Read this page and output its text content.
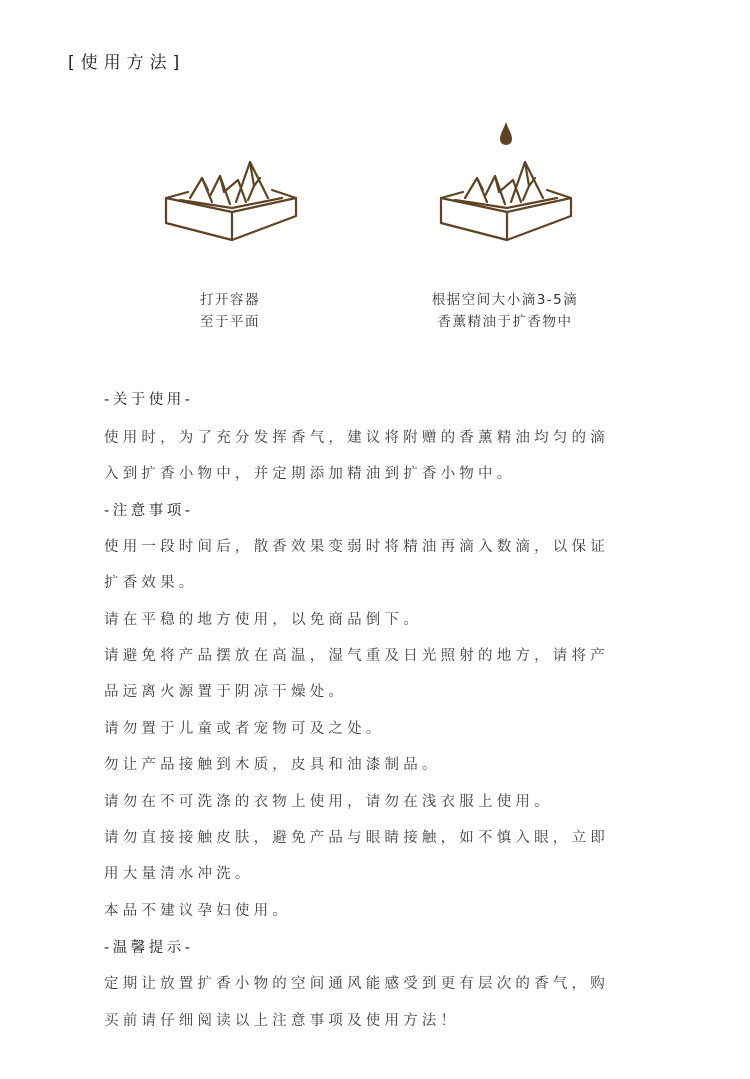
[使用方法]
打开容器
至于平面
根据空间大小滴3-5滴
香薰精油于扩香物中
-关于使用-
使用时，为了充分发挥香气，建议将附赠的香薰精油均匀的滴
入到扩香小物中，并定期添加精油到扩香小物中。
-注意事项-
使用一段时间后，散香效果变弱时将精油再滴入数滴，以保证
扩香效果。
请在平稳的地方使用，以免商品倒下。
请避免将产品摆放在高温，湿气重及日光照射的地方，请将产
品远离火源置于阴凉干燥处。
请勿置于儿童或者宠物可及之处。
勿让产品接触到木质，皮具和油漆制品。
请勿在不可洗涤的衣物上使用，请勿在浅衣服上使用。
请勿直接接触皮肤，避免产品与眼睛接触，如不慎入眼，立即
用大量清水冲洗。
本品不建议孕妇使用。
-温馨提示-
定期让放置扩香小物的空间通风能感受到更有层次的香气，购
买前请仔细阅读以上注意事项及使用方法！
